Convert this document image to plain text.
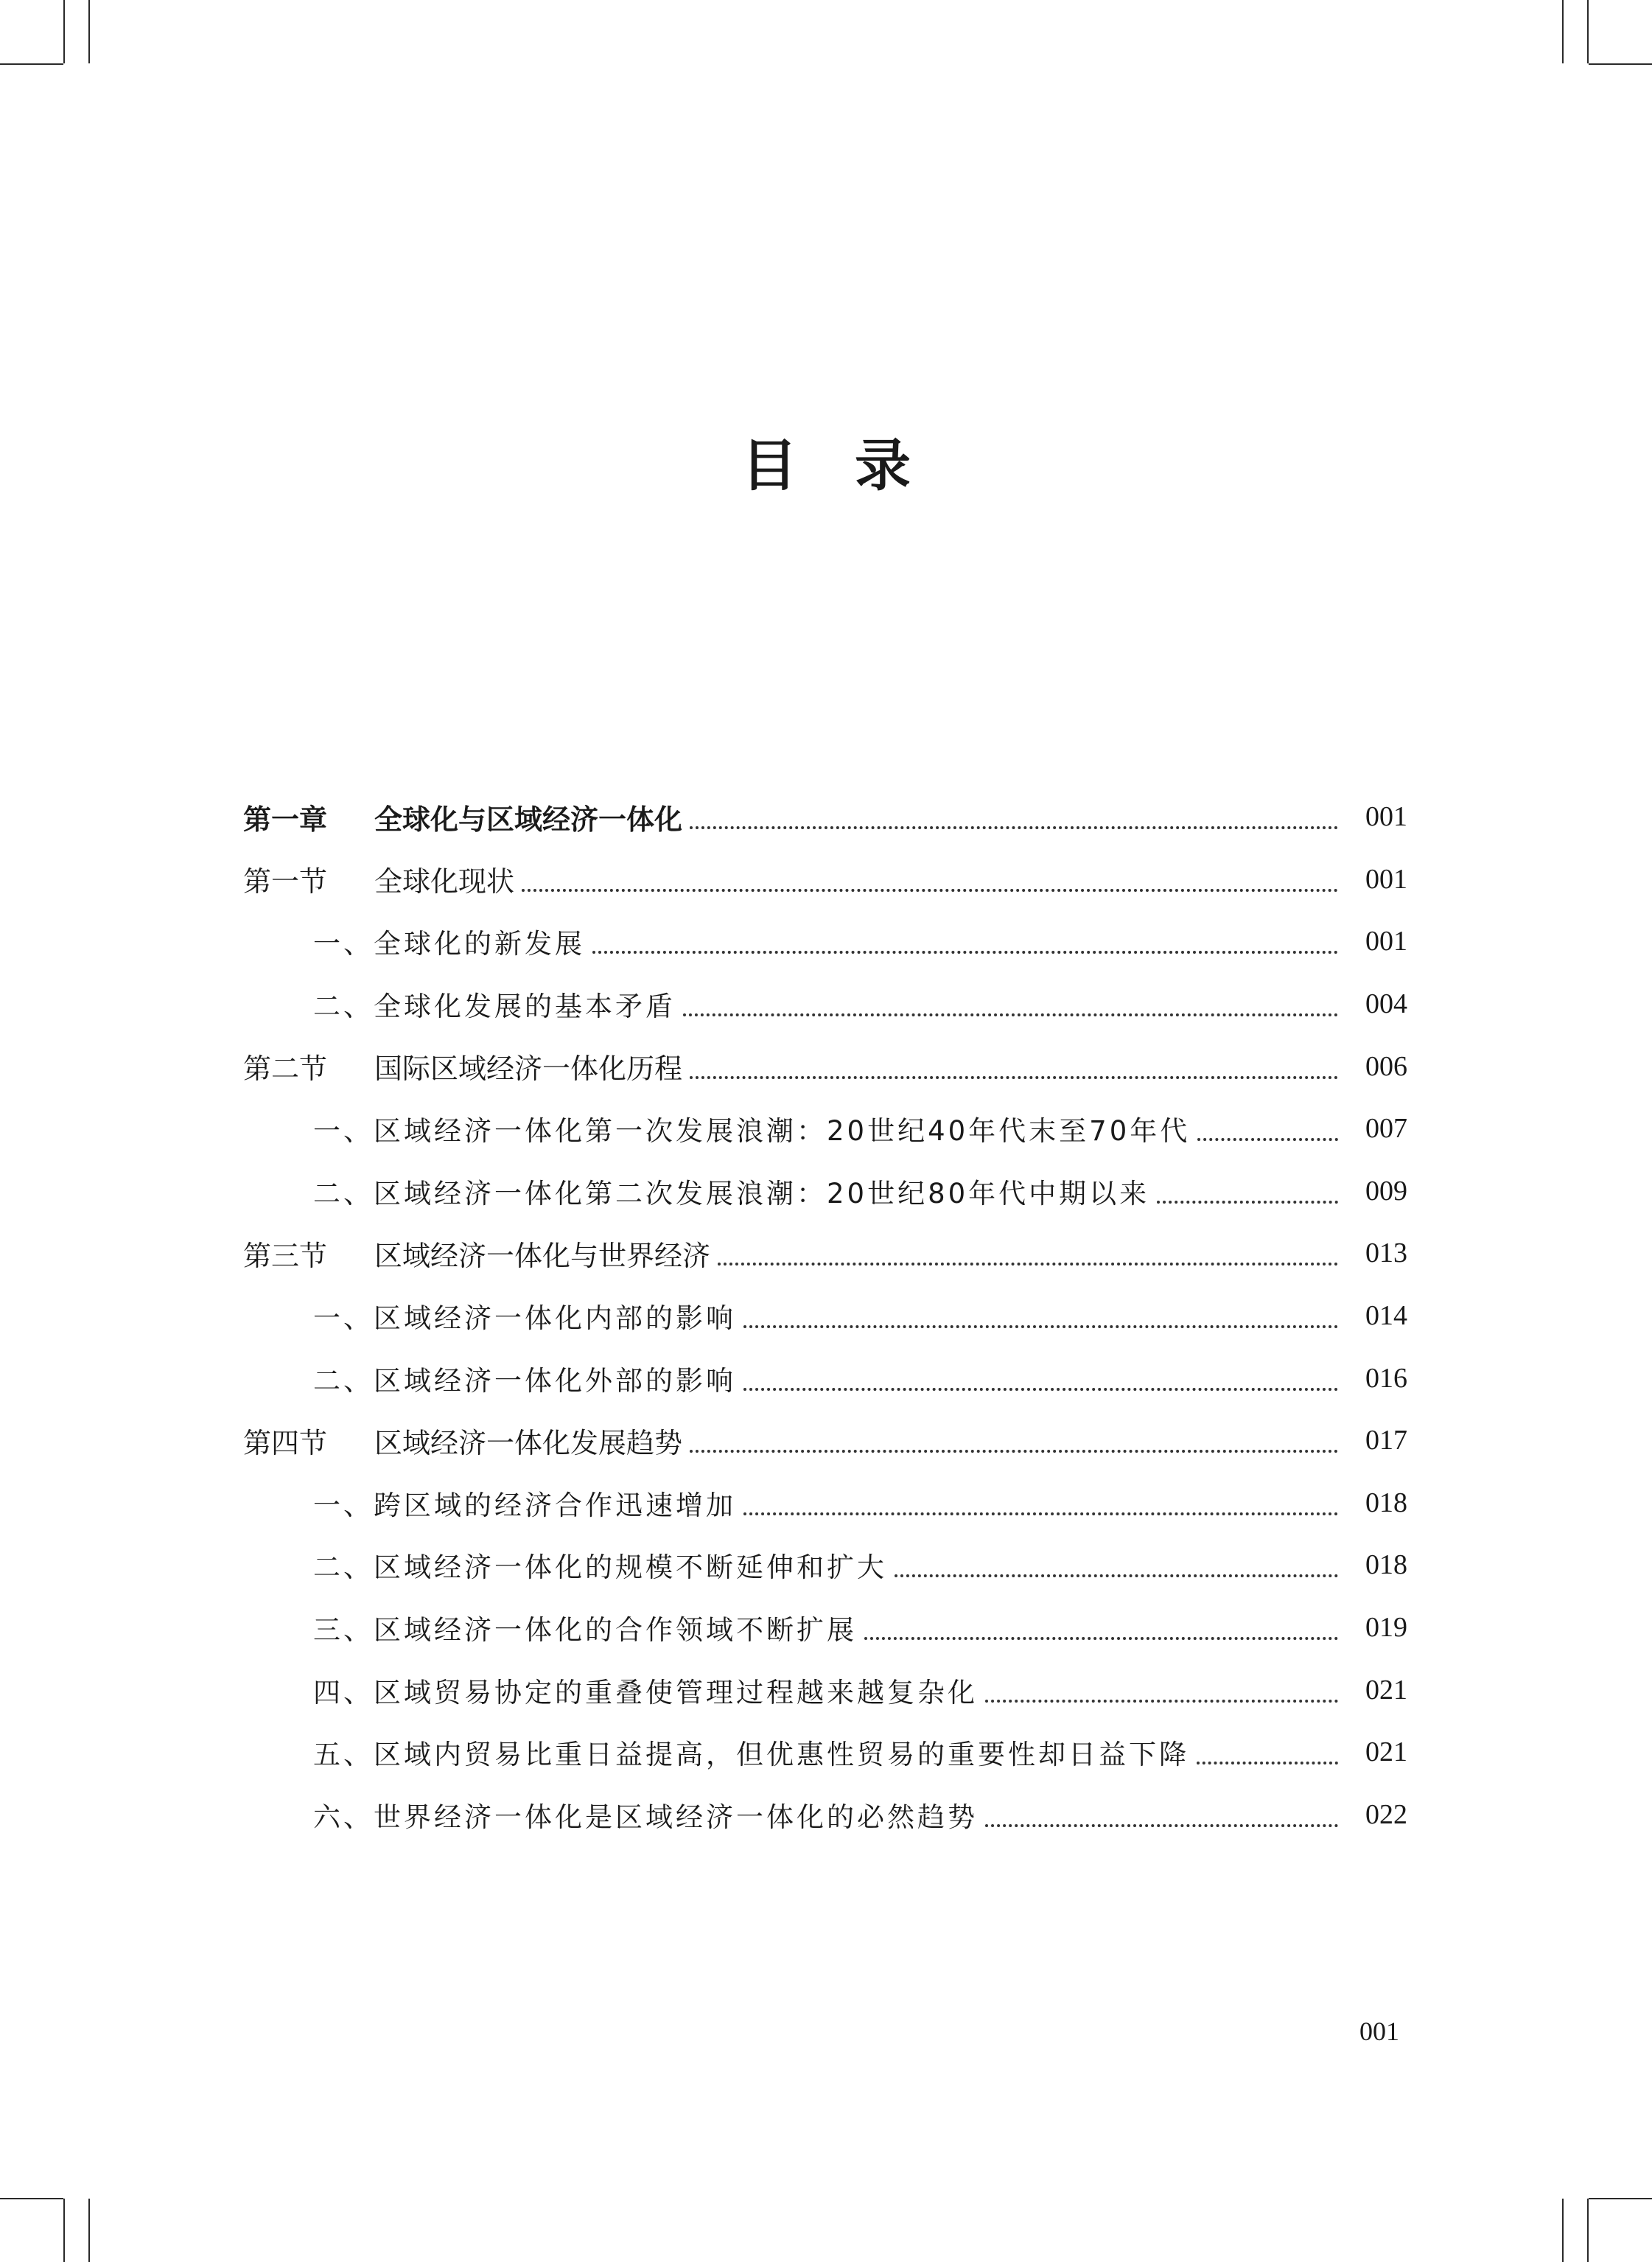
目 录
第一章 全球化与区域经济一体化	001
第一节 全球化现状	001
一、全球化的新发展	001
二、全球化发展的基本矛盾	004
第二节 国际区域经济一体化历程	006
一、区域经济一体化第一次发展浪潮：20世纪40年代末至70年代	007
二、区域经济一体化第二次发展浪潮：20世纪80年代中期以来	009
第三节 区域经济一体化与世界经济	013
一、区域经济一体化内部的影响	014
二、区域经济一体化外部的影响	016
第四节 区域经济一体化发展趋势	017
一、跨区域的经济合作迅速增加	018
二、区域经济一体化的规模不断延伸和扩大	018
三、区域经济一体化的合作领域不断扩展	019
四、区域贸易协定的重叠使管理过程越来越复杂化	021
五、区域内贸易比重日益提高，但优惠性贸易的重要性却日益下降	021
六、世界经济一体化是区域经济一体化的必然趋势	022
001
